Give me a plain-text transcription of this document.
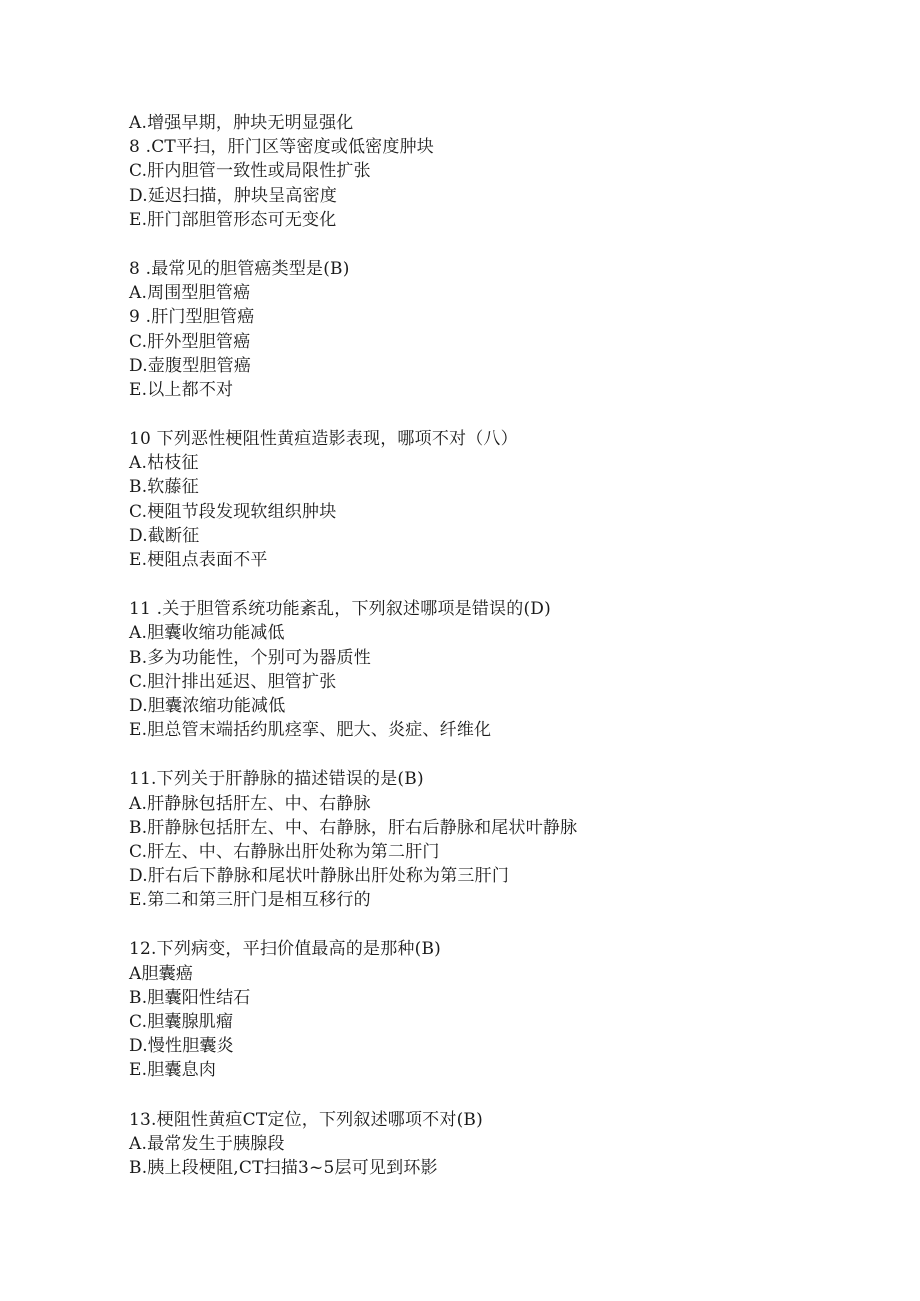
A.增强早期，肿块无明显强化
8 .CT平扫，肝门区等密度或低密度肿块
C.肝内胆管一致性或局限性扩张
D.延迟扫描，肿块呈高密度
E.肝门部胆管形态可无变化
8 .最常见的胆管癌类型是(B)
A.周围型胆管癌
9 .肝门型胆管癌
C.肝外型胆管癌
D.壶腹型胆管癌
E.以上都不对
10 下列恶性梗阻性黄疸造影表现，哪项不对（八）
A.枯枝征
B.软藤征
C.梗阻节段发现软组织肿块
D.截断征
E.梗阻点表面不平
11 .关于胆管系统功能紊乱，下列叙述哪项是错误的(D)
A.胆囊收缩功能减低
B.多为功能性，个别可为器质性
C.胆汁排出延迟、胆管扩张
D.胆囊浓缩功能减低
E.胆总管末端括约肌痉挛、肥大、炎症、纤维化
11.下列关于肝静脉的描述错误的是(B)
A.肝静脉包括肝左、中、右静脉
B.肝静脉包括肝左、中、右静脉，肝右后静脉和尾状叶静脉
C.肝左、中、右静脉出肝处称为第二肝门
D.肝右后下静脉和尾状叶静脉出肝处称为第三肝门
E.第二和第三肝门是相互移行的
12.下列病变，平扫价值最高的是那种(B)
A胆囊癌
B.胆囊阳性结石
C.胆囊腺肌瘤
D.慢性胆囊炎
E.胆囊息肉
13.梗阻性黄疸CT定位，下列叙述哪项不对(B)
A.最常发生于胰腺段
B.胰上段梗阻,CT扫描3~5层可见到环影
